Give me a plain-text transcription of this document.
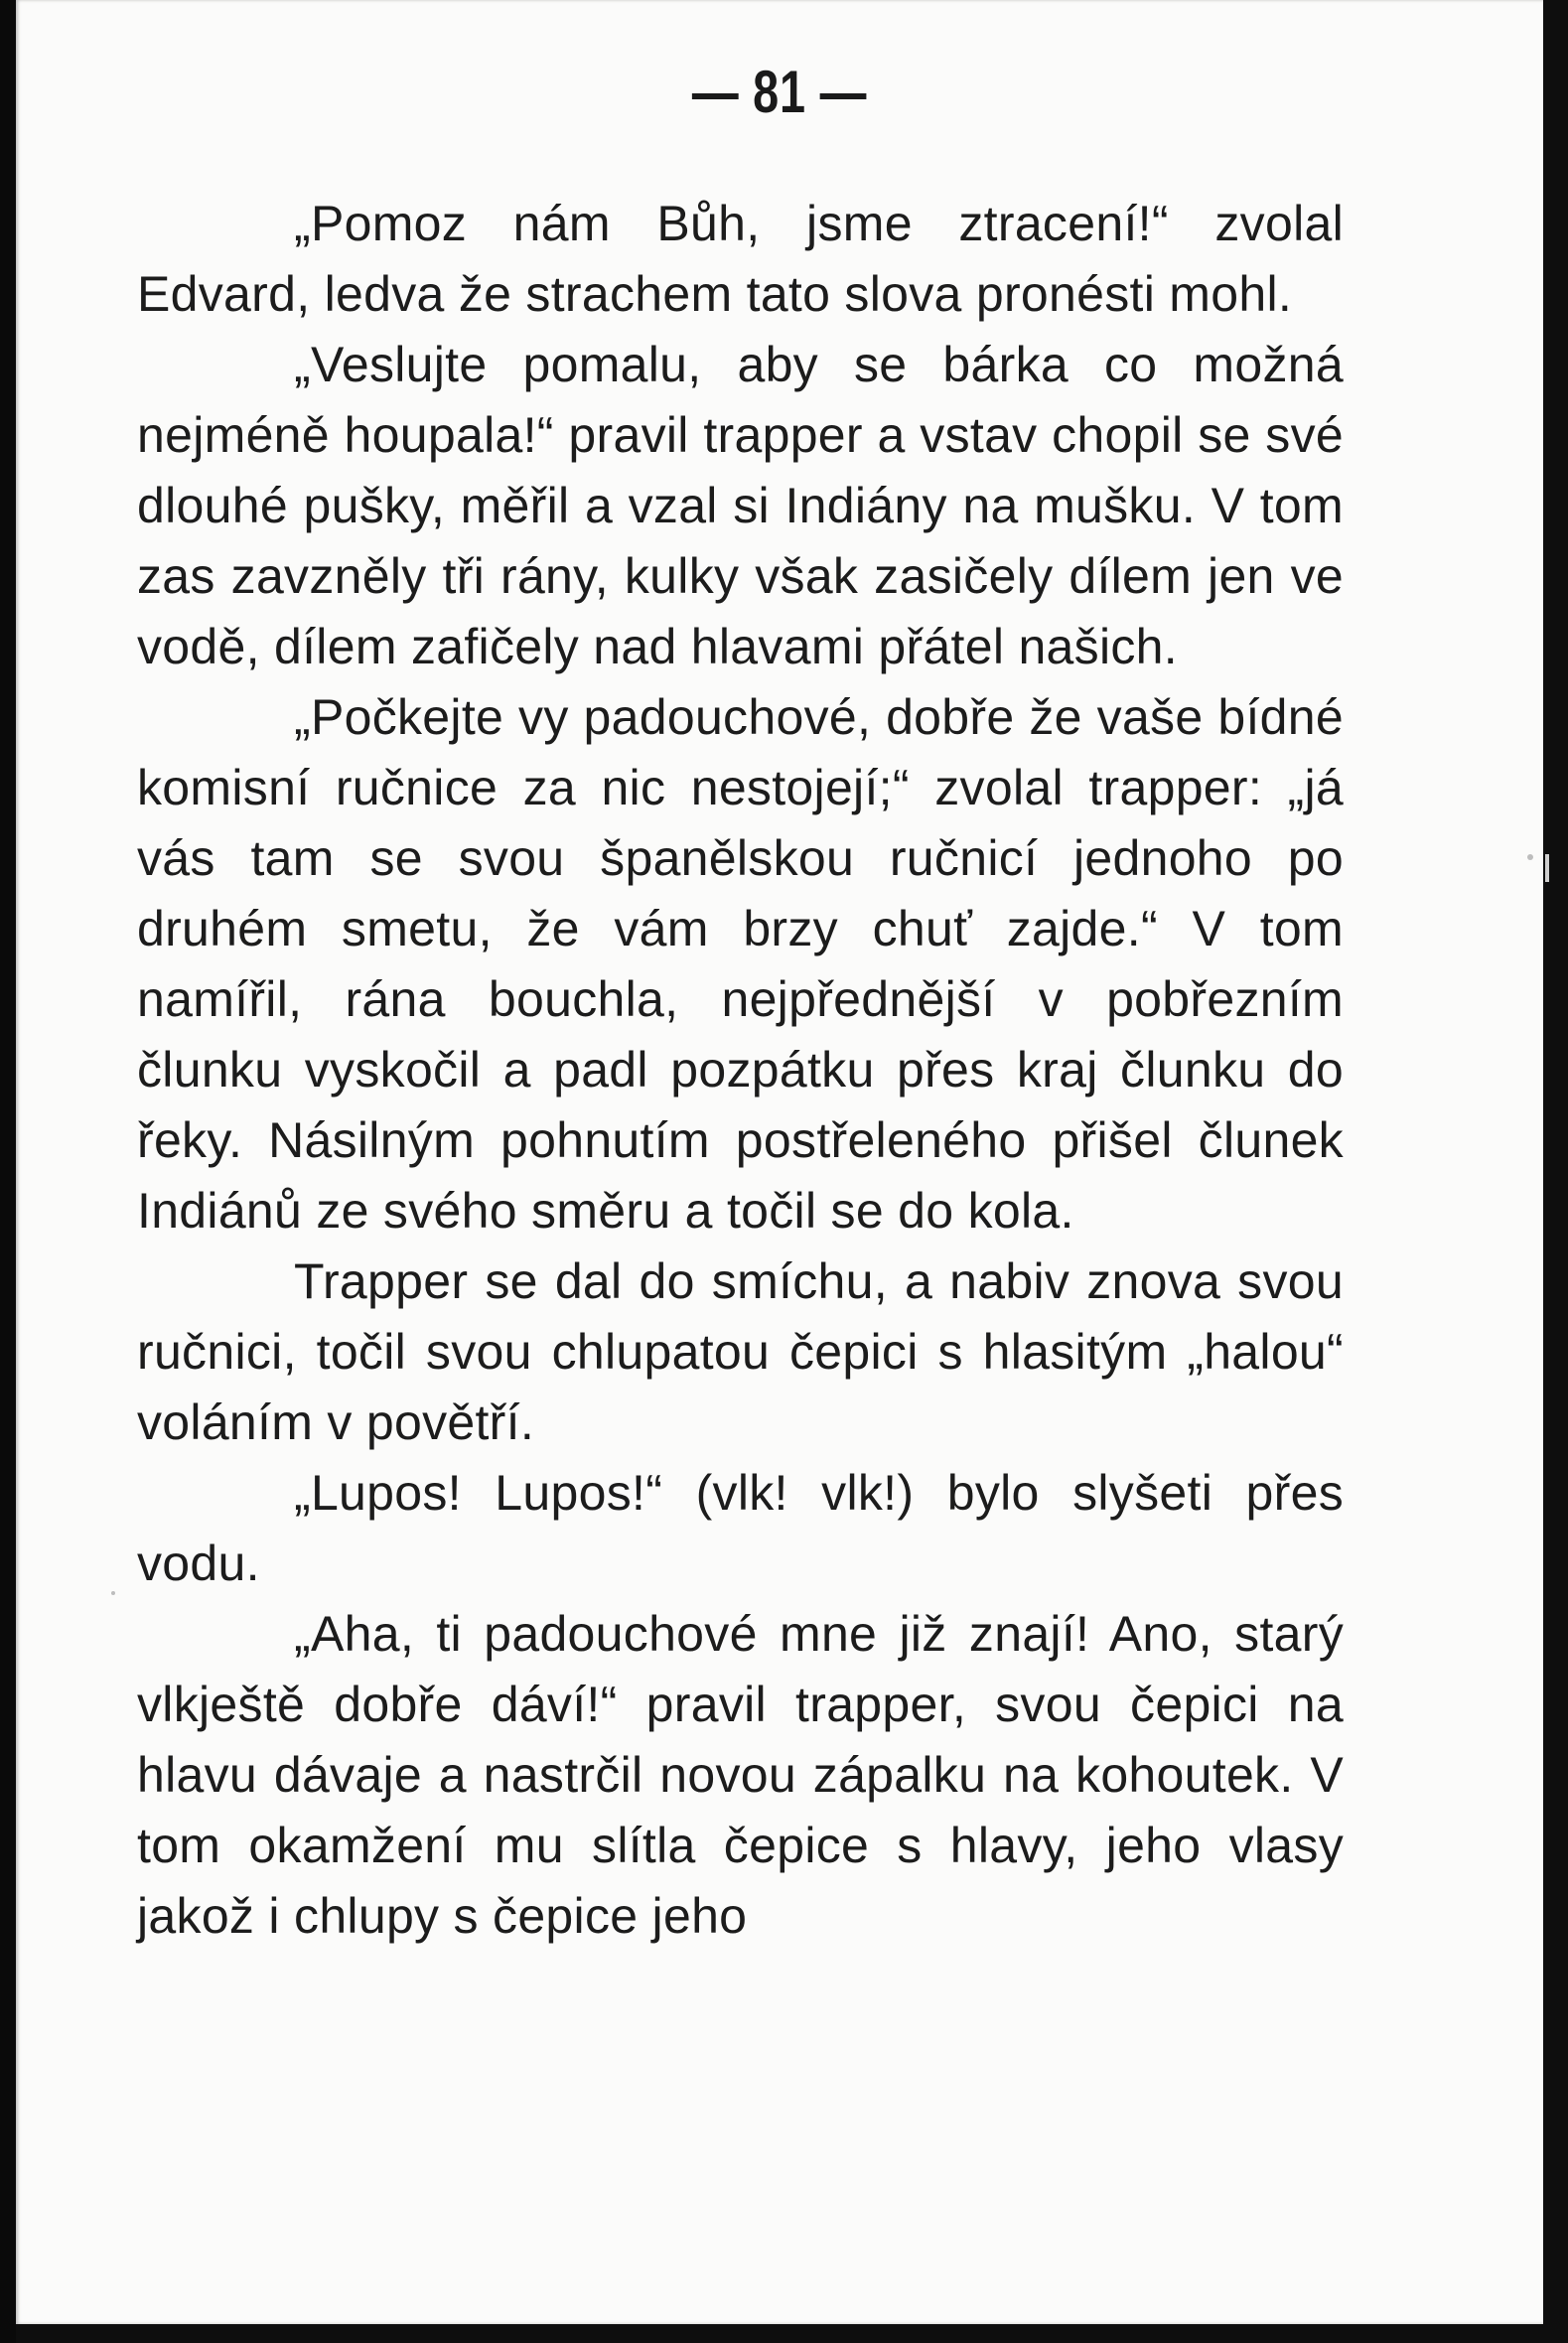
— 81 —

„Pomoz nám Bůh, jsme ztracení!“ zvolal Edvard, ledva že strachem tato slova pronésti mohl.

„Veslujte pomalu, aby se bárka co možná nejméně houpala!“ pravil trapper a vstav chopil se své dlouhé pušky, měřil a vzal si Indiány na mušku. V tom zas zavzněly tři rány, kulky však zasičely dílem jen ve vodě, dílem zafičely nad hlavami přátel našich.

„Počkejte vy padouchové, dobře že vaše bídné komisní ručnice za nic nestojejí;“ zvolal trapper: „já vás tam se svou španělskou ručnicí jednoho po druhém smetu, že vám brzy chuť zajde.“ V tom namířil, rána bouchla, nejpřednější v pobřezním člunku vyskočil a padl pozpátku přes kraj člunku do řeky. Násilným pohnutím postřeleného přišel člunek Indiánů ze svého směru a točil se do kola.

Trapper se dal do smíchu, a nabiv znova svou ručnici, točil svou chlupatou čepici s hlasitým „halou“ voláním v povětří.

„Lupos! Lupos!“ (vlk! vlk!) bylo slyšeti přes vodu.

„Aha, ti padouchové mne již znají! Ano, starý vlkještě dobře dáví!“ pravil trapper, svou čepici na hlavu dávaje a nastrčil novou zápalku na kohoutek. V tom okamžení mu slítla čepice s hlavy, jeho vlasy jakož i chlupy s čepice jeho
